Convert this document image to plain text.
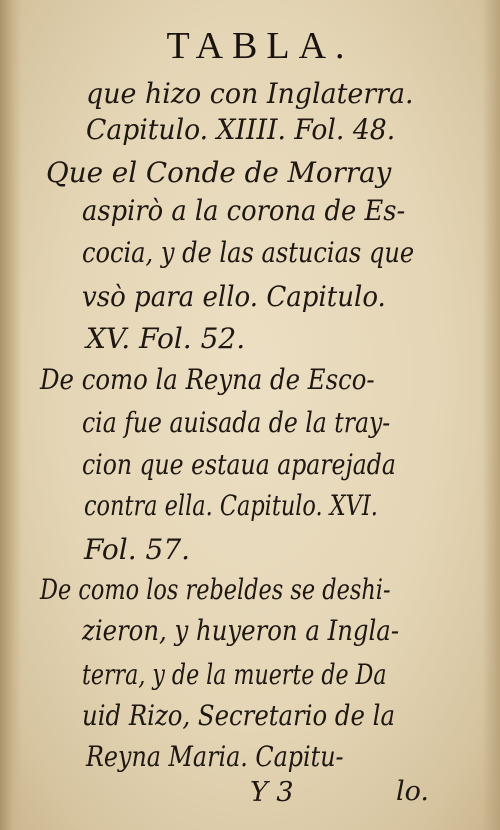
TABLA.

que hizo con Inglaterra.

Capitulo. XIIII. Fol. 48.

Que el Conde de Morray

aspirò a la corona de Es-

cocia, y de las astucias que

vsò para ello. Capitulo.

XV. Fol. 52.

De como la Reyna de Esco-

cia fue auisada de la tray-

cion que estaua aparejada

contra ella. Capitulo. XVI.

Fol. 57.

De como los rebeldes se deshi-

zieron, y huyeron a Ingla-

terra, y de la muerte de Da

uid Rizo, Secretario de la

Reyna Maria. Capitu-

Y 3	lo.
